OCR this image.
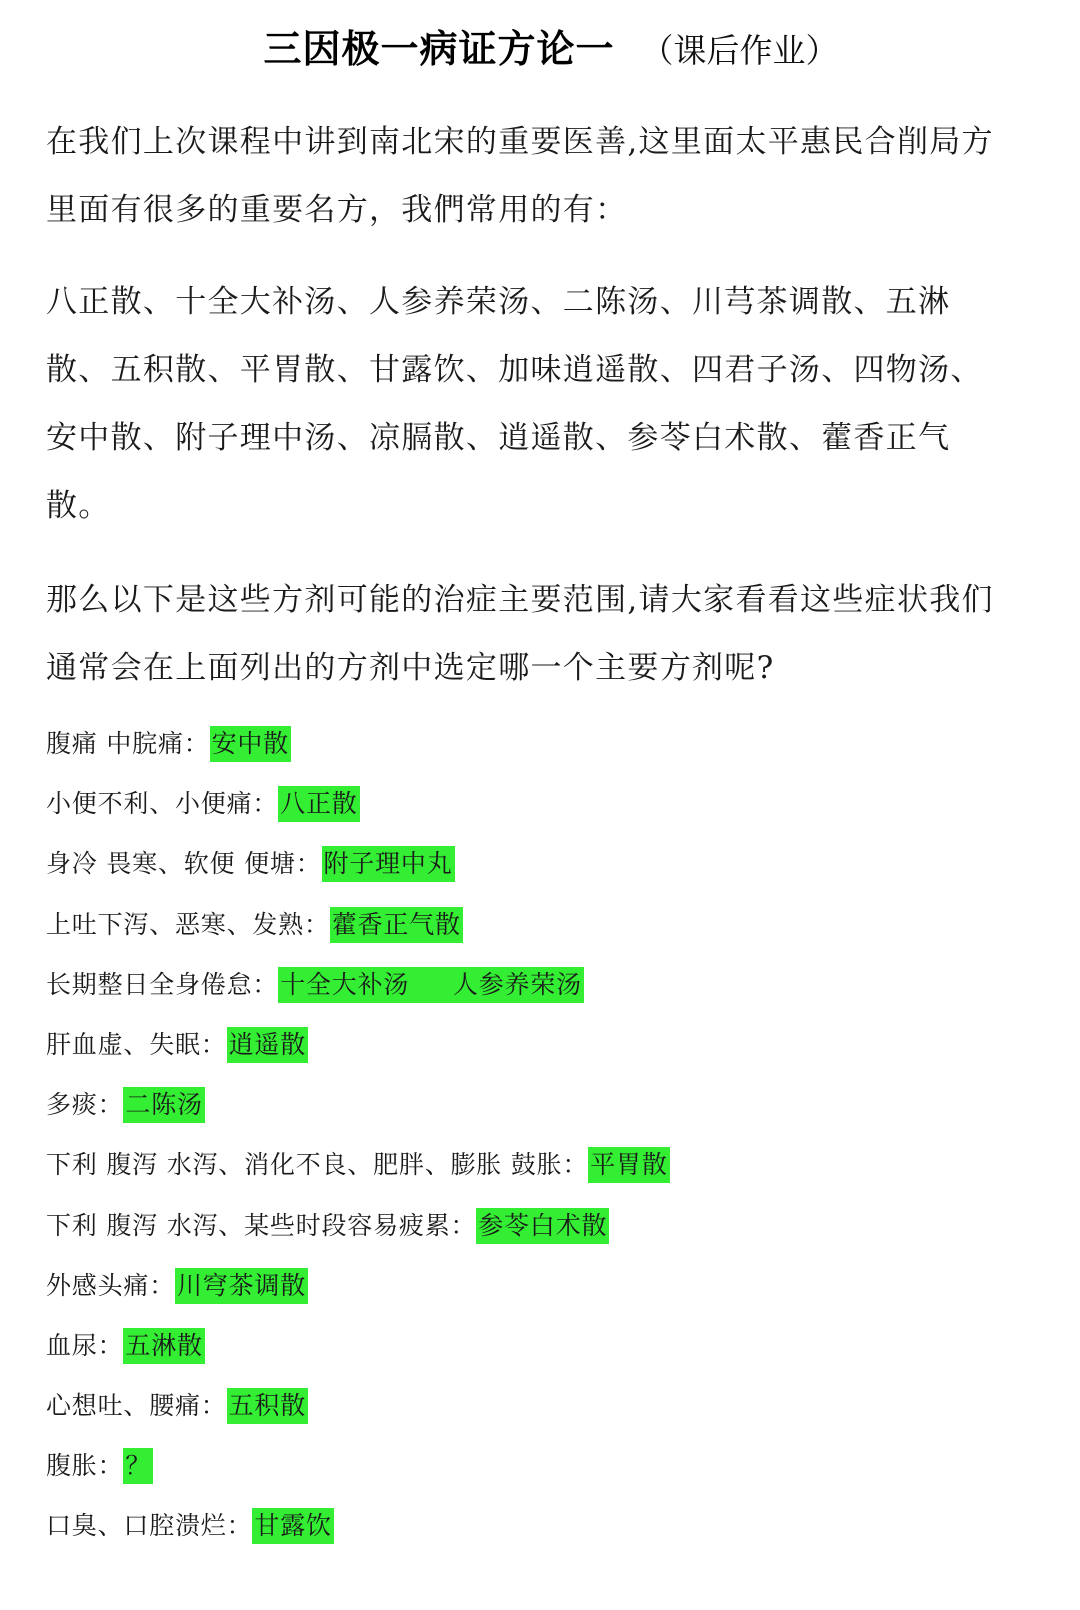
三因极一病证方论一 （课后作业）

在我们上次课程中讲到南北宋的重要医善,这里面太平惠民合削局方里面有很多的重要名方，我們常用的有：

八正散、十全大补汤、人参养荣汤、二陈汤、川芎茶调散、五淋散、五积散、平胃散、甘露饮、加味逍遥散、四君子汤、四物汤、安中散、附子理中汤、凉膈散、逍遥散、参苓白术散、藿香正气散。

那么以下是这些方剂可能的治症主要范围,请大家看看这些症状我们通常会在上面列出的方剂中选定哪一个主要方剂呢?

腹痛 中脘痛：安中散
小便不利、小便痛：八正散
身冷 畏寒、软便 便塘：附子理中丸
上吐下泻、恶寒、发熟：藿香正气散
长期整日全身倦怠：十全大补汤     人参养荣汤
肝血虚、失眠：逍遥散
多痰：二陈汤
下利 腹泻 水泻、消化不良、肥胖、膨胀 鼓胀：平胃散
下利 腹泻 水泻、某些时段容易疲累：参苓白术散
外感头痛：川穹茶调散
血尿：五淋散
心想吐、腰痛：五积散
腹胀：？
口臭、口腔溃烂：甘露饮
